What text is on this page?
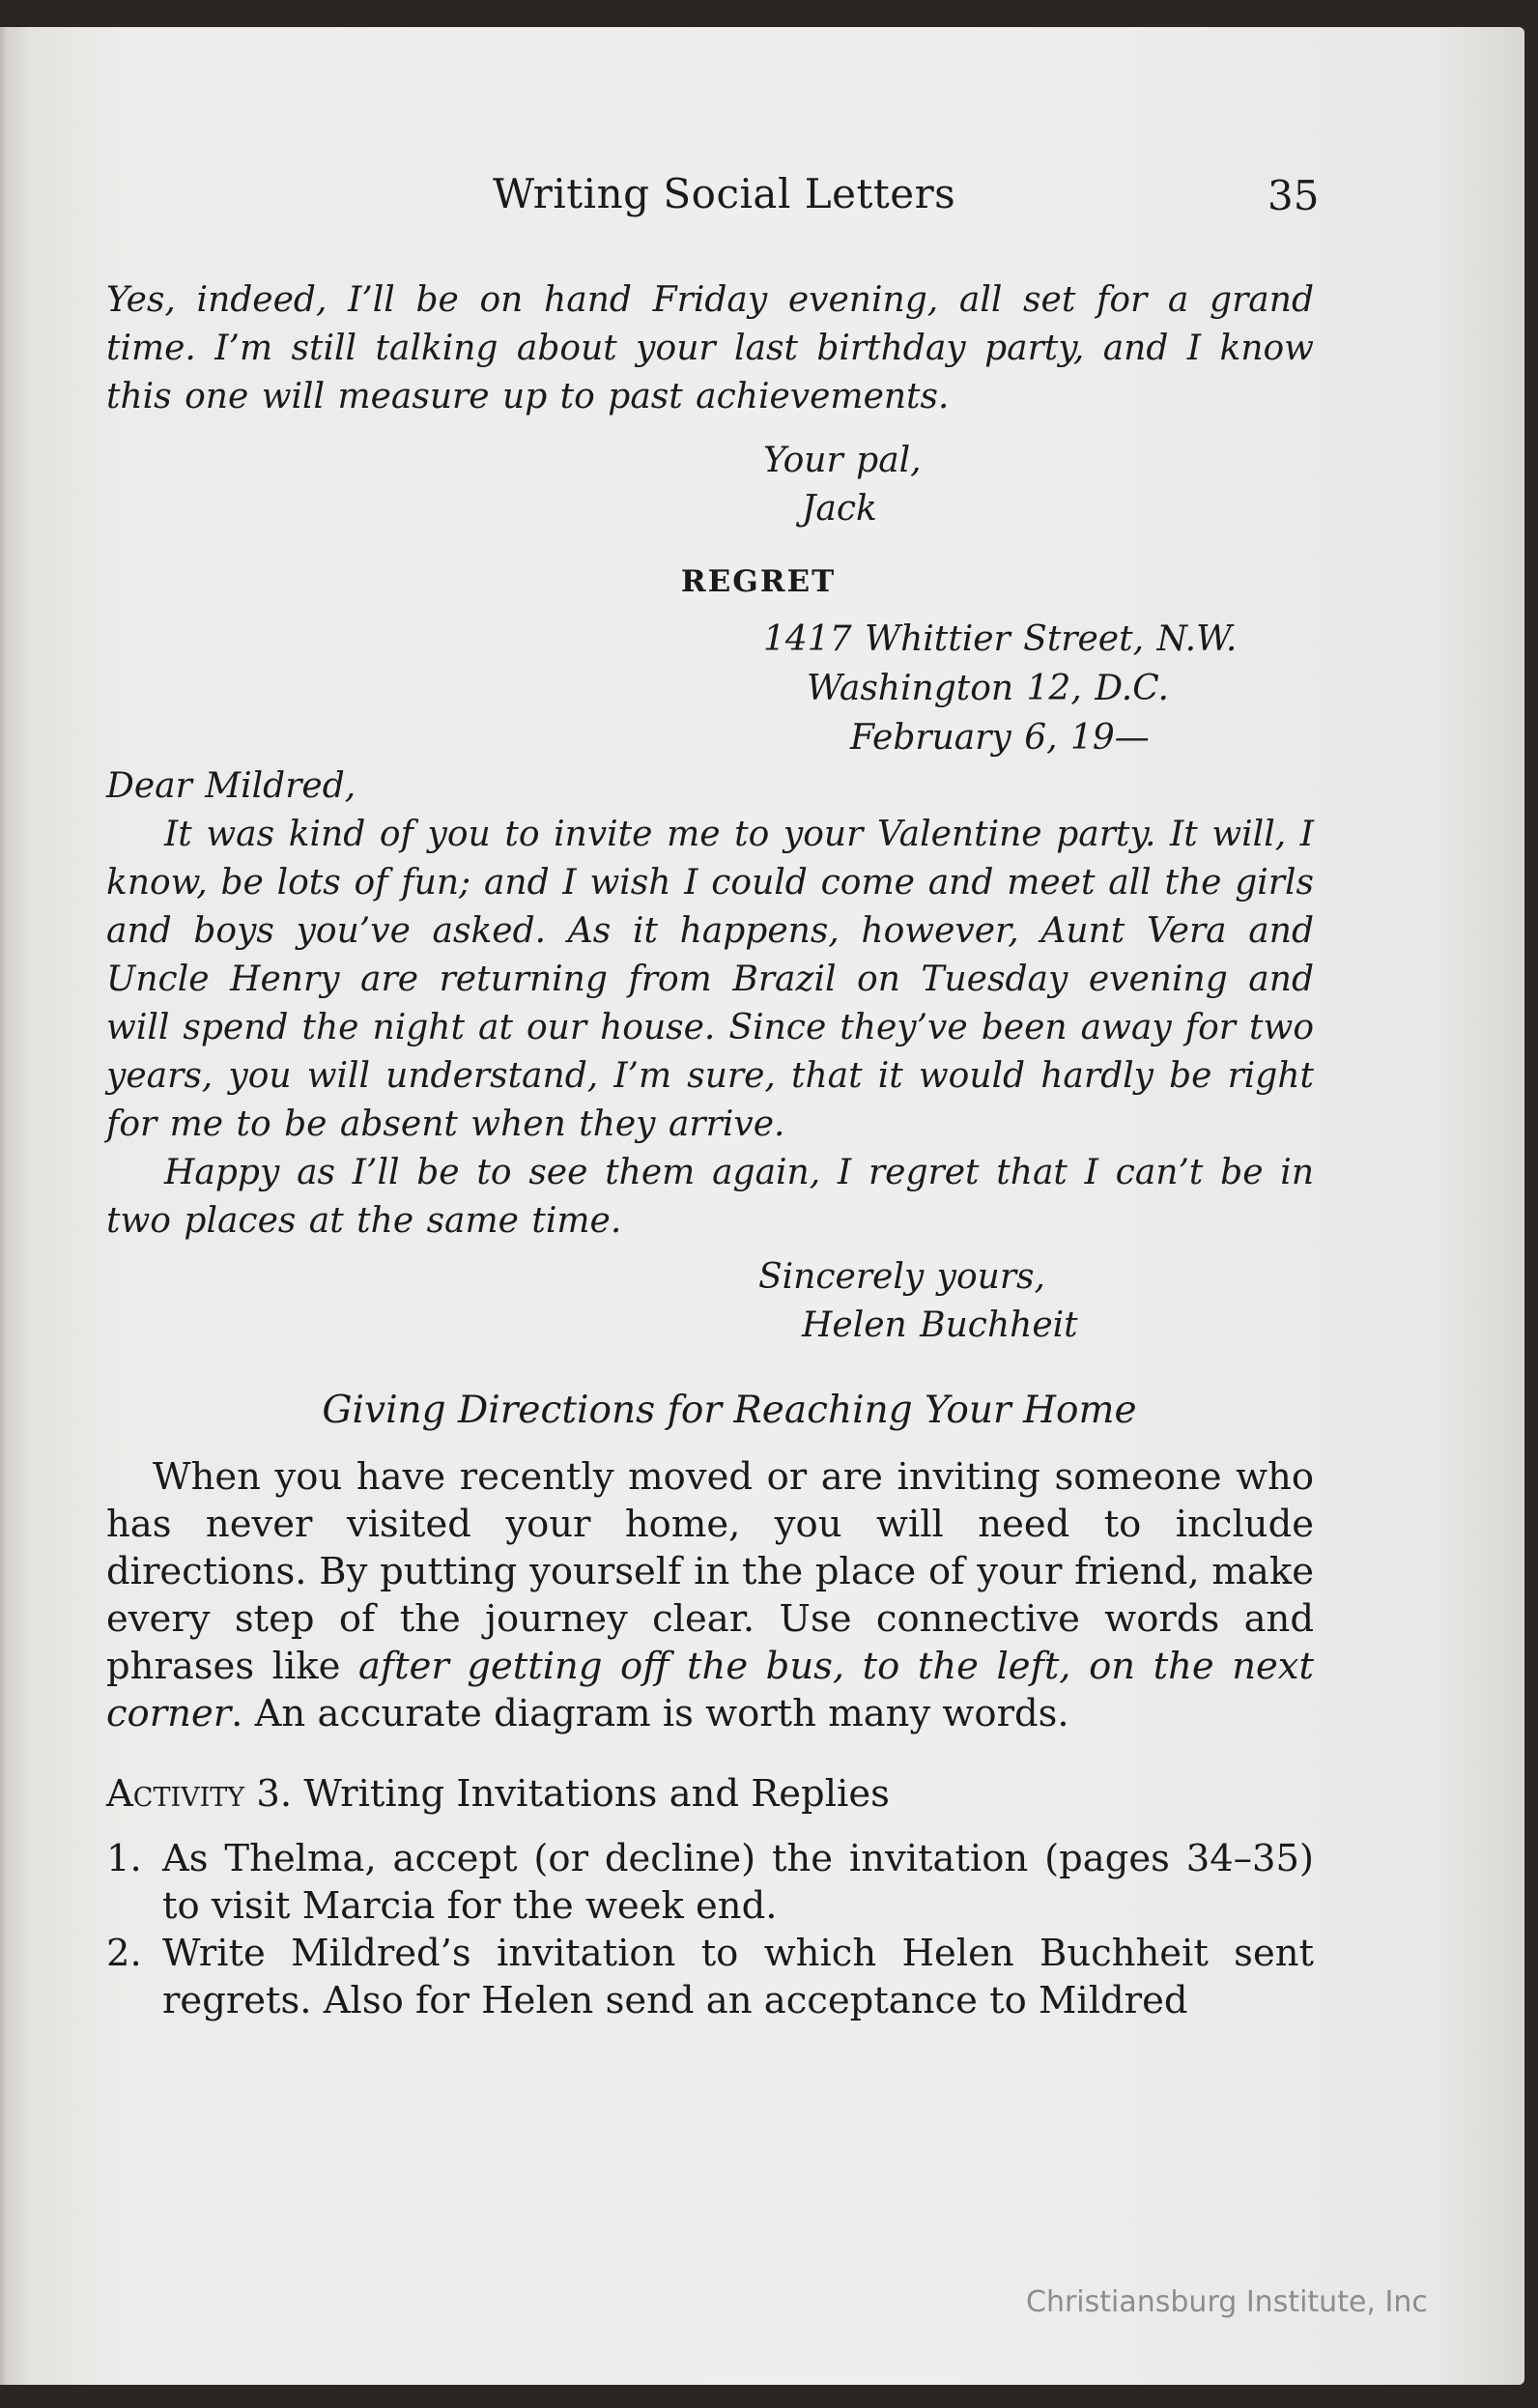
Writing Social Letters	35

Yes, indeed, I’ll be on hand Friday evening, all set for a grand time. I’m still talking about your last birthday party, and I know this one will measure up to past achievements.

Your pal,
Jack
REGRET
1417 Whittier Street, N.W.
Washington 12, D.C.
February 6, 19—

Dear Mildred,

It was kind of you to invite me to your Valentine party. It will, I know, be lots of fun; and I wish I could come and meet all the girls and boys you’ve asked. As it happens, however, Aunt Vera and Uncle Henry are returning from Brazil on Tuesday evening and will spend the night at our house. Since they’ve been away for two years, you will understand, I’m sure, that it would hardly be right for me to be absent when they arrive.

Happy as I’ll be to see them again, I regret that I can’t be in two places at the same time.

Sincerely yours,
Helen Buchheit
Giving Directions for Reaching Your Home

When you have recently moved or are inviting someone who has never visited your home, you will need to include directions. By putting yourself in the place of your friend, make every step of the journey clear. Use connective words and phrases like after getting off the bus, to the left, on the next corner. An accurate diagram is worth many words.

Activity 3. Writing Invitations and Replies
1. As Thelma, accept (or decline) the invitation (pages 34–35) to visit Marcia for the week end.
2. Write Mildred’s invitation to which Helen Buchheit sent regrets. Also for Helen send an acceptance to Mildred
Christiansburg Institute, Inc
